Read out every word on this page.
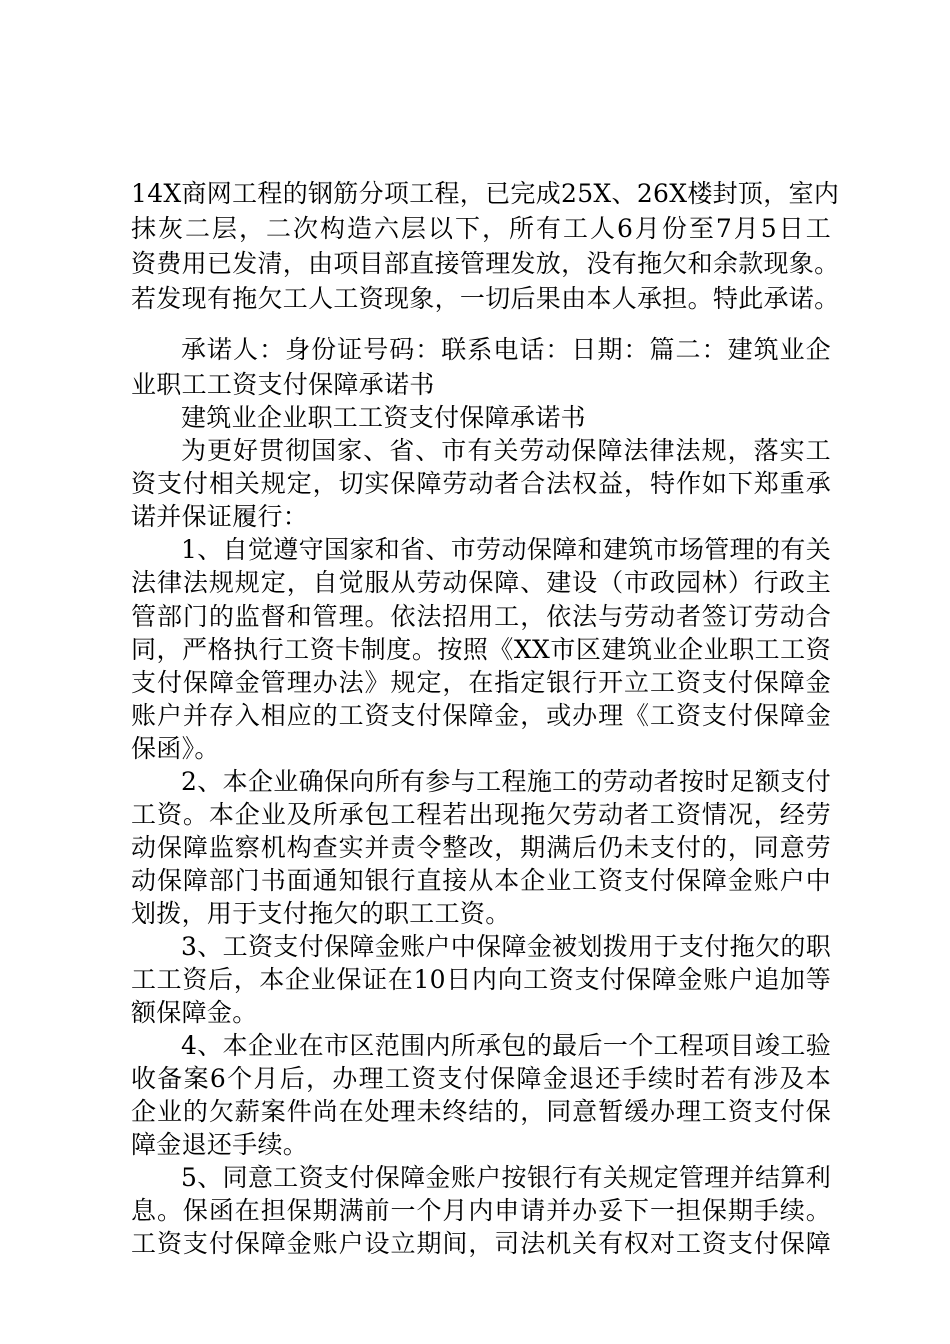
14X商网工程的钢筋分项工程，已完成25X、26X楼封顶，室内
抹灰二层，二次构造六层以下，所有工人6月份至7月5日工
资费用已发清，由项目部直接管理发放，没有拖欠和余款现象。
若发现有拖欠工人工资现象，一切后果由本人承担。特此承诺。
承诺人：身份证号码：联系电话：日期：篇二：建筑业企
业职工工资支付保障承诺书
建筑业企业职工工资支付保障承诺书
为更好贯彻国家、省、市有关劳动保障法律法规，落实工
资支付相关规定，切实保障劳动者合法权益，特作如下郑重承
诺并保证履行：
1、自觉遵守国家和省、市劳动保障和建筑市场管理的有关
法律法规规定，自觉服从劳动保障、建设（市政园林）行政主
管部门的监督和管理。依法招用工，依法与劳动者签订劳动合
同，严格执行工资卡制度。按照《XX市区建筑业企业职工工资
支付保障金管理办法》规定，在指定银行开立工资支付保障金
账户并存入相应的工资支付保障金，或办理《工资支付保障金
保函》。
2、本企业确保向所有参与工程施工的劳动者按时足额支付
工资。本企业及所承包工程若出现拖欠劳动者工资情况，经劳
动保障监察机构查实并责令整改，期满后仍未支付的，同意劳
动保障部门书面通知银行直接从本企业工资支付保障金账户中
划拨，用于支付拖欠的职工工资。
3、工资支付保障金账户中保障金被划拨用于支付拖欠的职
工工资后，本企业保证在10日内向工资支付保障金账户追加等
额保障金。
4、本企业在市区范围内所承包的最后一个工程项目竣工验
收备案6个月后，办理工资支付保障金退还手续时若有涉及本
企业的欠薪案件尚在处理未终结的，同意暂缓办理工资支付保
障金退还手续。
5、同意工资支付保障金账户按银行有关规定管理并结算利
息。保函在担保期满前一个月内申请并办妥下一担保期手续。
工资支付保障金账户设立期间，司法机关有权对工资支付保障
